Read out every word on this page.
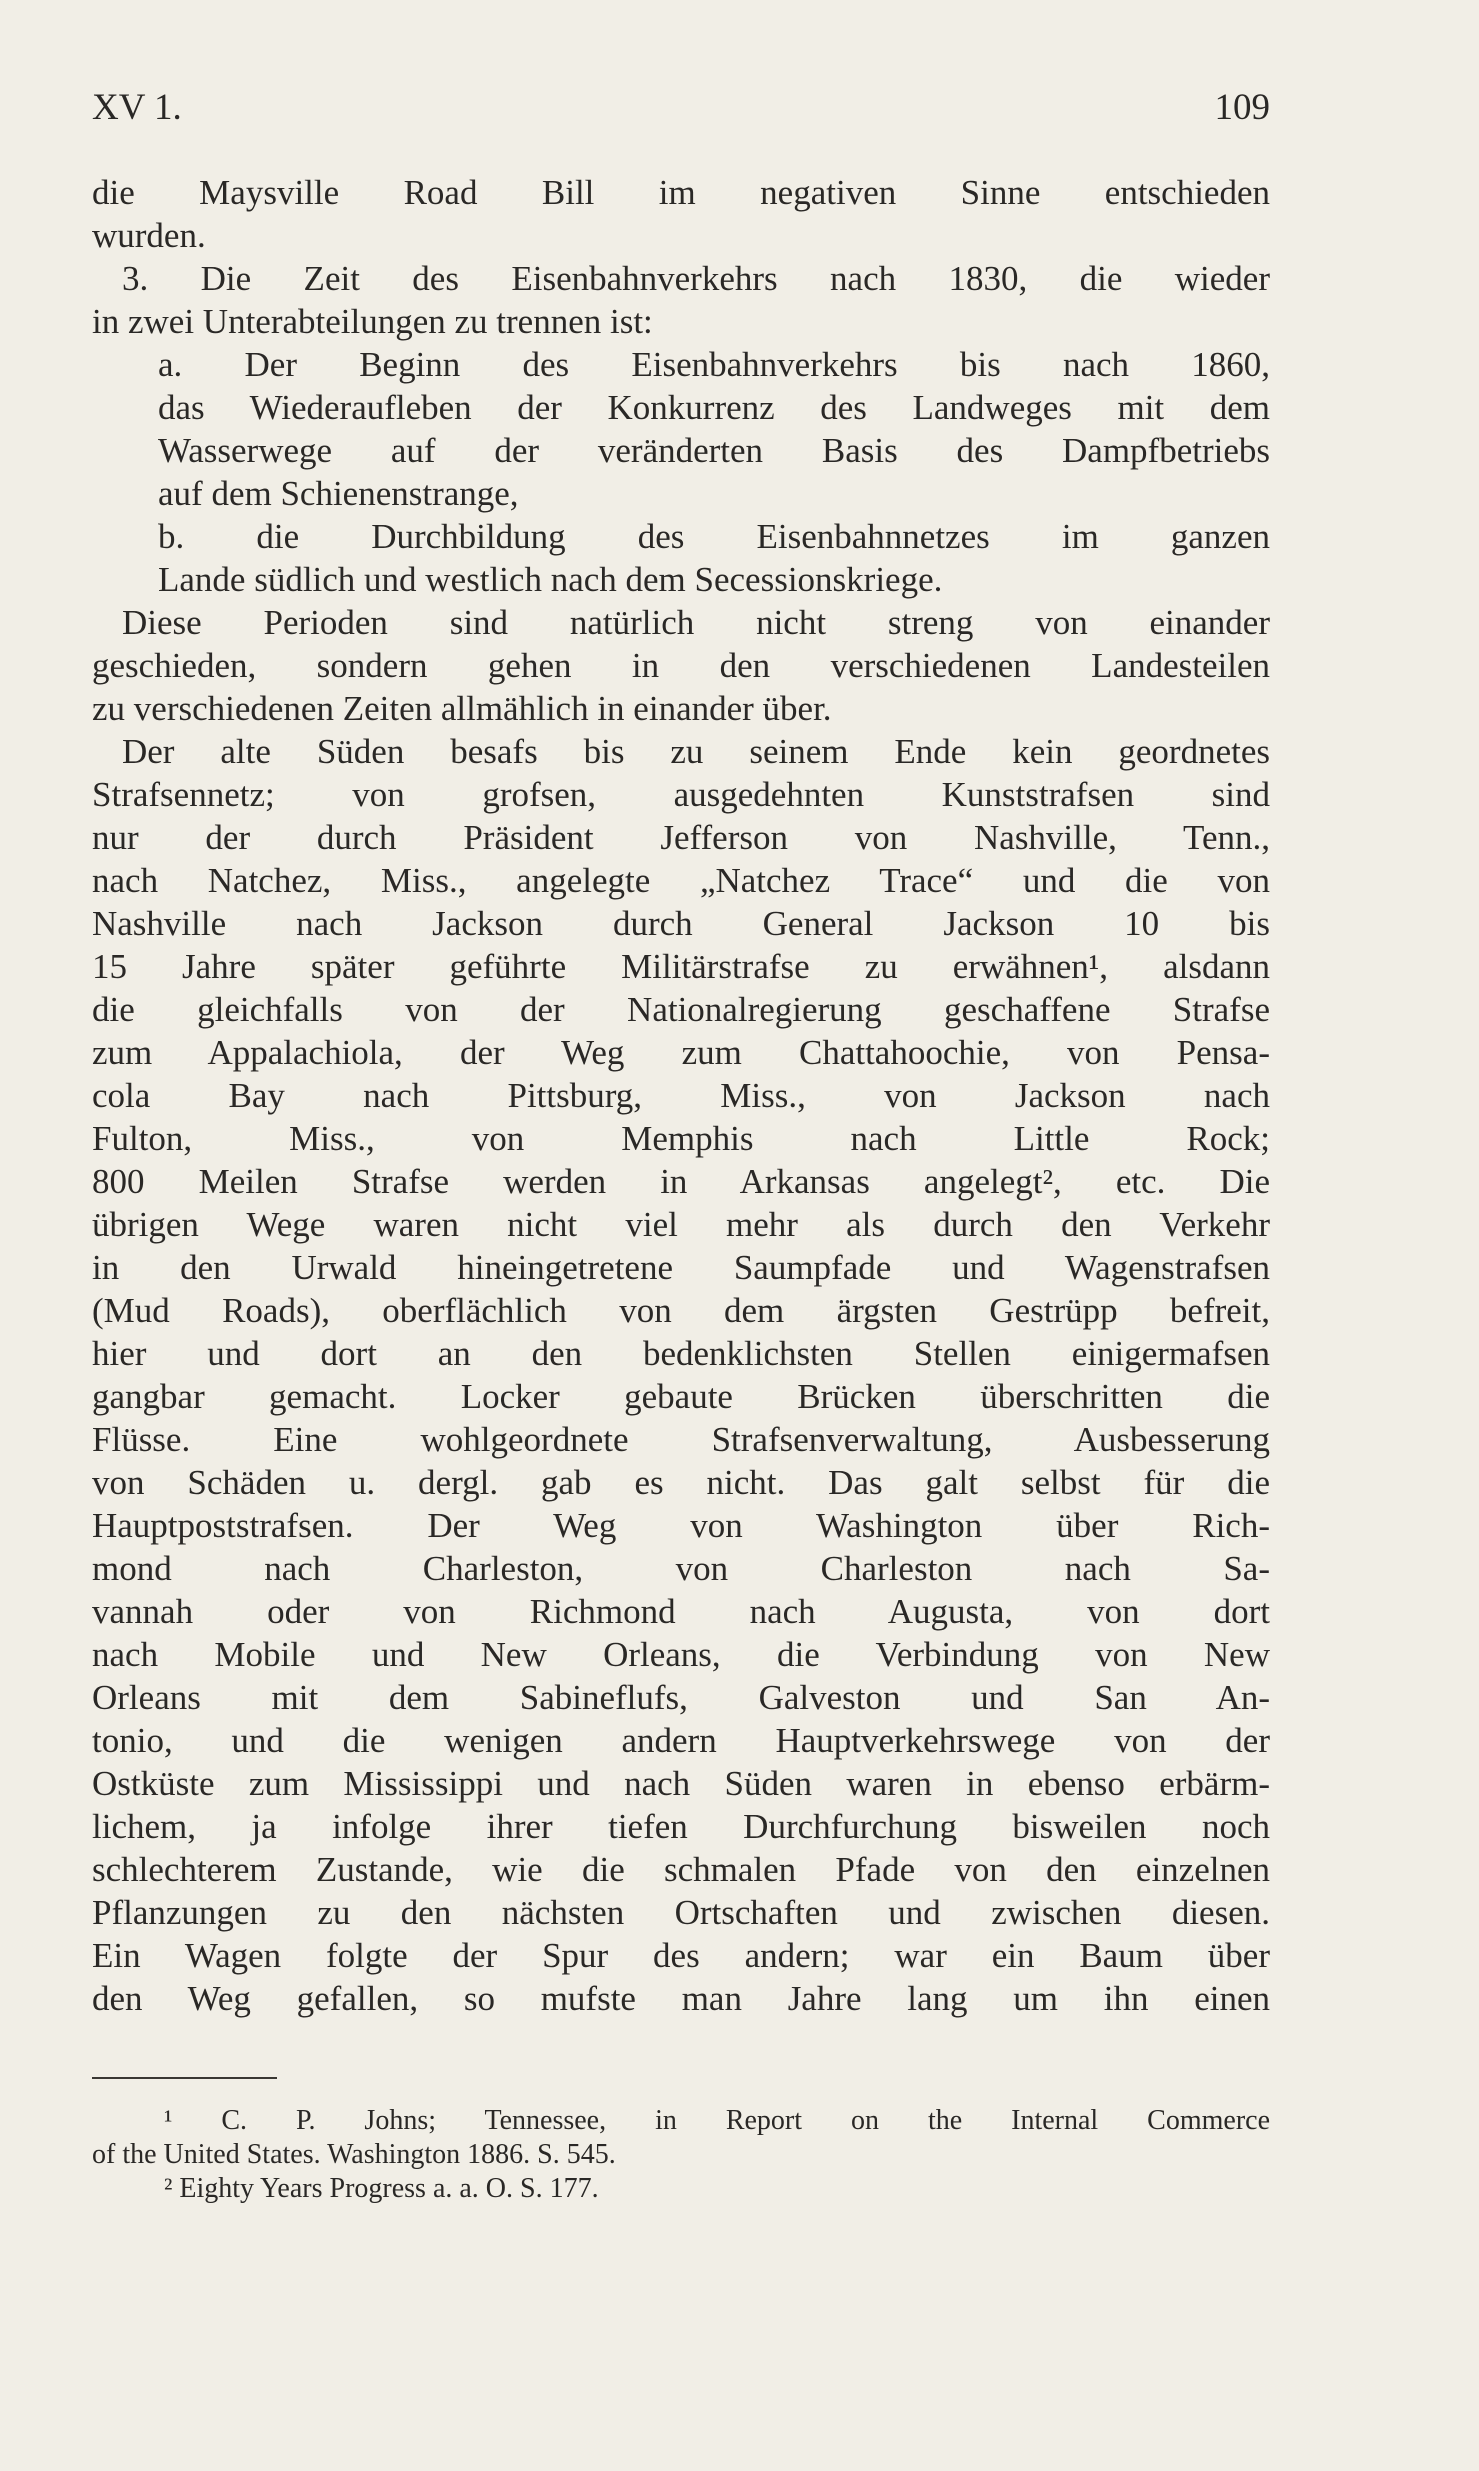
XV 1.	109
die Maysville Road Bill im negativen Sinne entschieden
wurden.
3. Die Zeit des Eisenbahnverkehrs nach 1830, die wieder
in zwei Unterabteilungen zu trennen ist:
a. Der Beginn des Eisenbahnverkehrs bis nach 1860,
das Wiederaufleben der Konkurrenz des Landweges mit dem
Wasserwege auf der veränderten Basis des Dampfbetriebs
auf dem Schienenstrange,
b. die Durchbildung des Eisenbahnnetzes im ganzen
Lande südlich und westlich nach dem Secessionskriege.
Diese Perioden sind natürlich nicht streng von einander
geschieden, sondern gehen in den verschiedenen Landesteilen
zu verschiedenen Zeiten allmählich in einander über.
Der alte Süden besafs bis zu seinem Ende kein geordnetes
Strafsennetz; von grofsen, ausgedehnten Kunststrafsen sind
nur der durch Präsident Jefferson von Nashville, Tenn.,
nach Natchez, Miss., angelegte „Natchez Trace“ und die von
Nashville nach Jackson durch General Jackson 10 bis
15 Jahre später geführte Militärstrafse zu erwähnen¹, alsdann
die gleichfalls von der Nationalregierung geschaffene Strafse
zum Appalachiola, der Weg zum Chattahoochie, von Pensa-
cola Bay nach Pittsburg, Miss., von Jackson nach
Fulton, Miss., von Memphis nach Little Rock;
800 Meilen Strafse werden in Arkansas angelegt², etc. Die
übrigen Wege waren nicht viel mehr als durch den Verkehr
in den Urwald hineingetretene Saumpfade und Wagenstrafsen
(Mud Roads), oberflächlich von dem ärgsten Gestrüpp befreit,
hier und dort an den bedenklichsten Stellen einigermafsen
gangbar gemacht. Locker gebaute Brücken überschritten die
Flüsse. Eine wohlgeordnete Strafsenverwaltung, Ausbesserung
von Schäden u. dergl. gab es nicht. Das galt selbst für die
Hauptpoststrafsen. Der Weg von Washington über Rich-
mond nach Charleston, von Charleston nach Sa-
vannah oder von Richmond nach Augusta, von dort
nach Mobile und New Orleans, die Verbindung von New
Orleans mit dem Sabineflufs, Galveston und San An-
tonio, und die wenigen andern Hauptverkehrswege von der
Ostküste zum Mississippi und nach Süden waren in ebenso erbärm-
lichem, ja infolge ihrer tiefen Durchfurchung bisweilen noch
schlechterem Zustande, wie die schmalen Pfade von den einzelnen
Pflanzungen zu den nächsten Ortschaften und zwischen diesen.
Ein Wagen folgte der Spur des andern; war ein Baum über
den Weg gefallen, so mufste man Jahre lang um ihn einen
¹ C. P. Johns; Tennessee, in Report on the Internal Commerce
of the United States. Washington 1886. S. 545.
² Eighty Years Progress a. a. O. S. 177.
